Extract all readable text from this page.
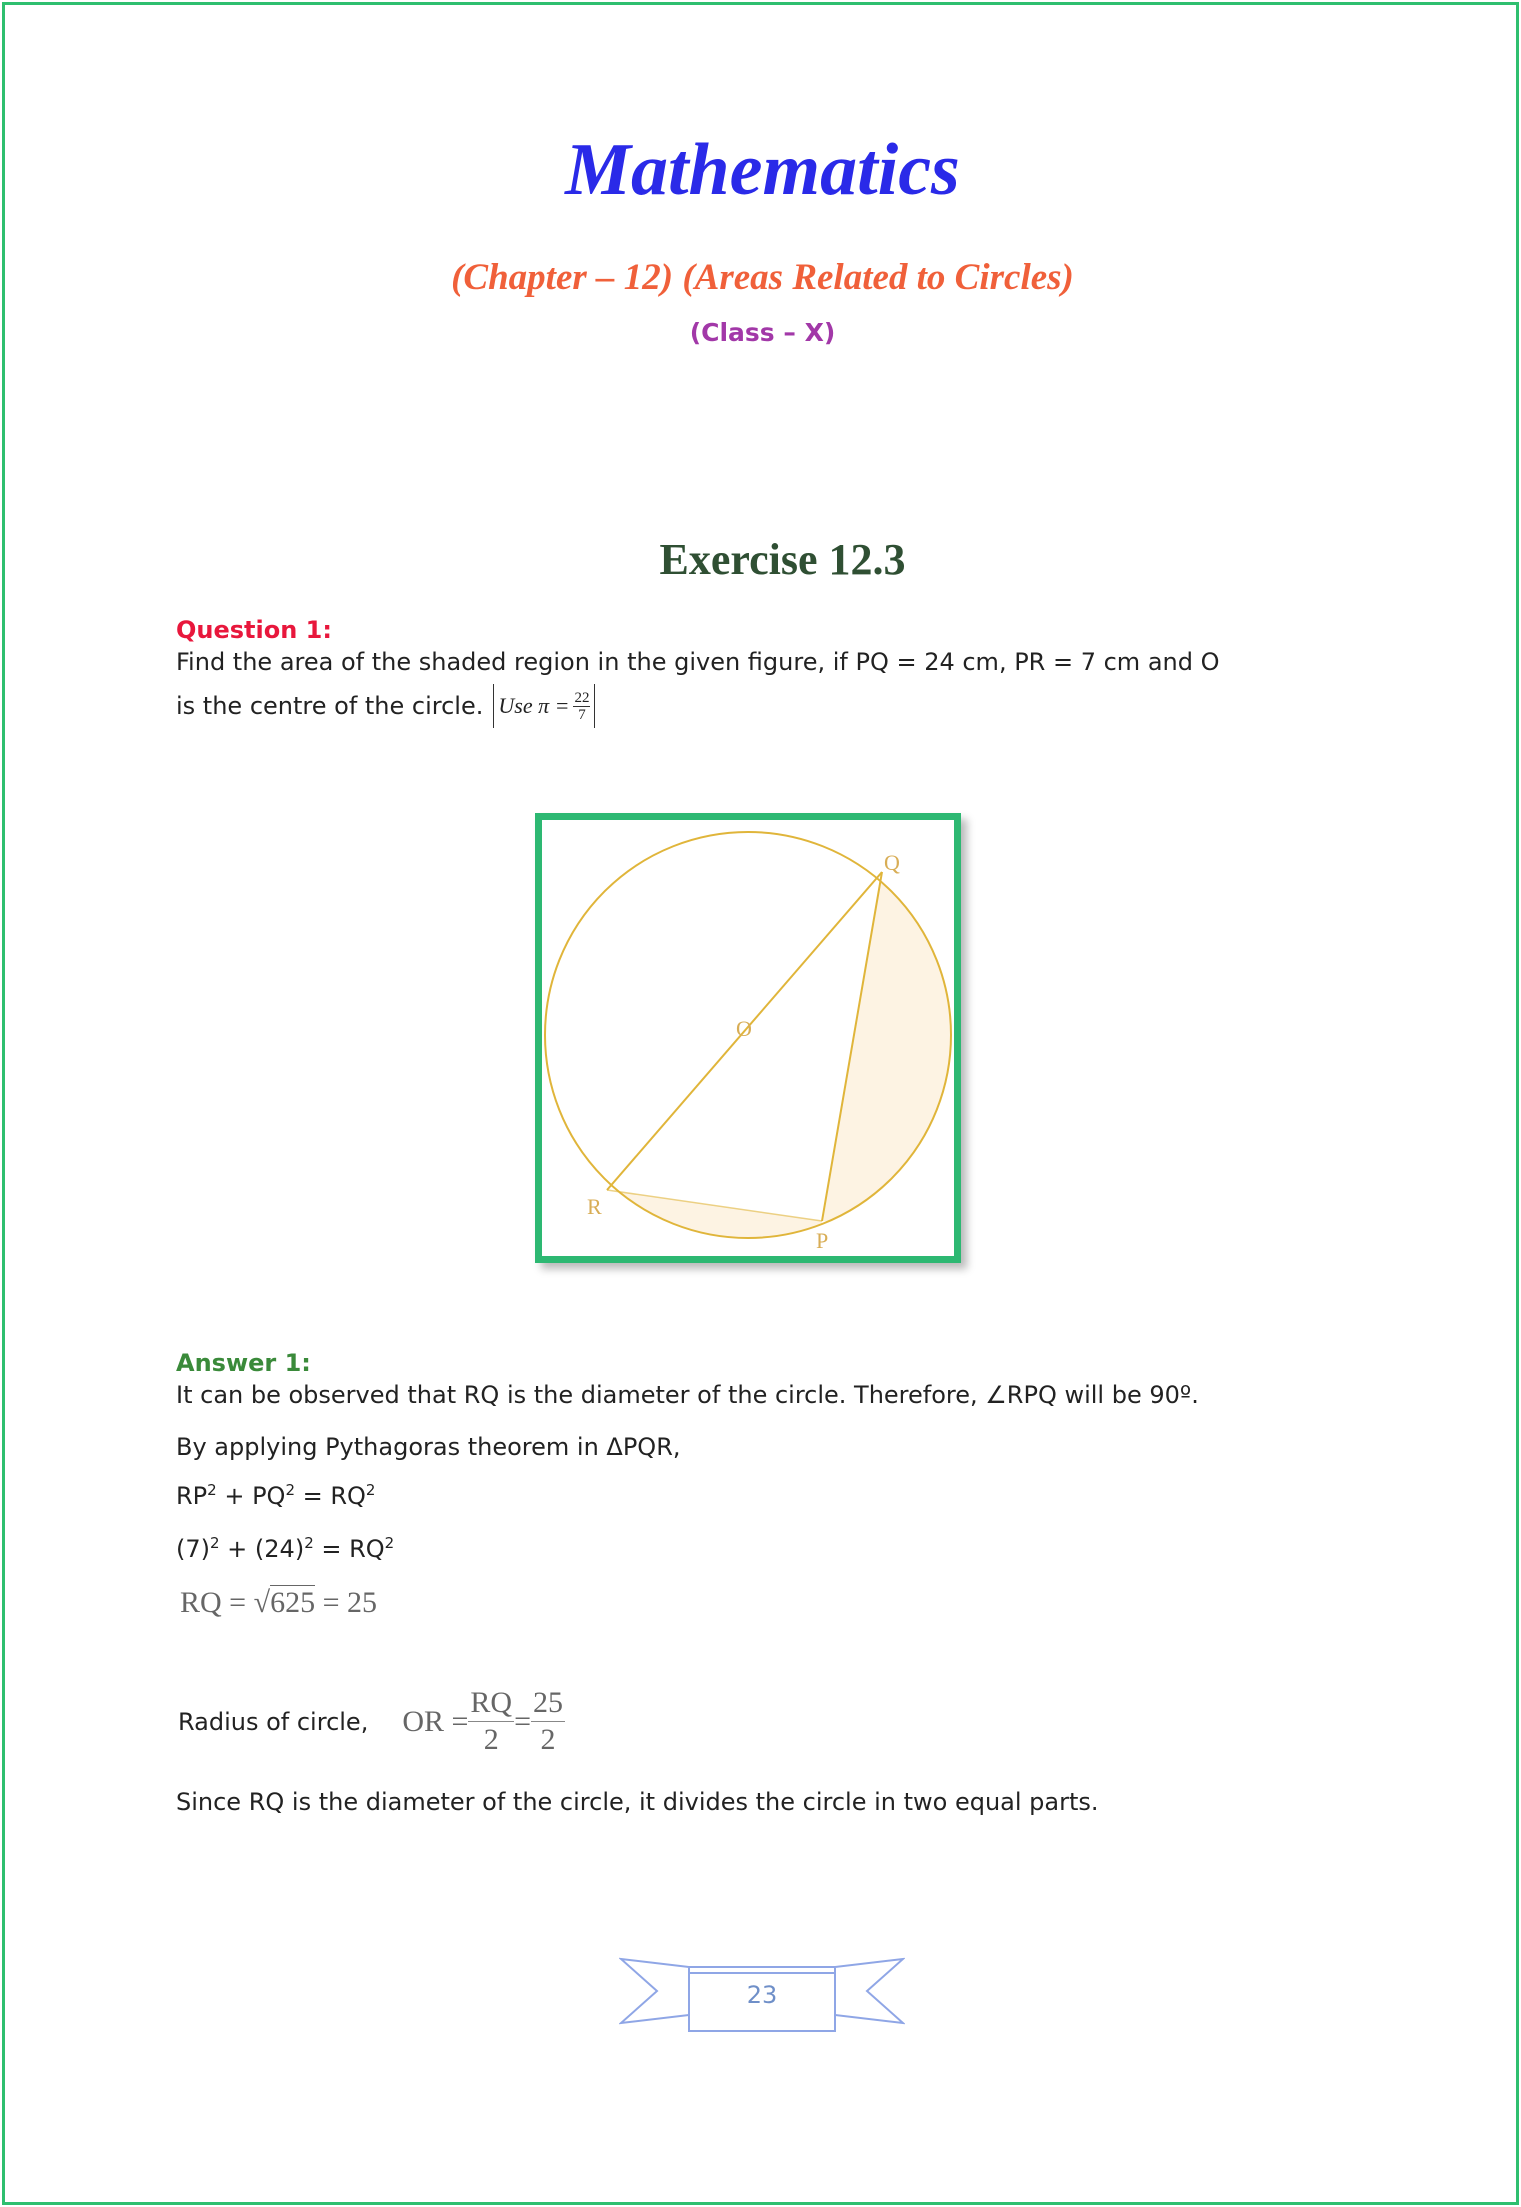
Mathematics
(Chapter – 12) (Areas Related to Circles)
(Class – X)
Exercise 12.3
Question 1:
Find the area of the shaded region in the given figure, if PQ = 24 cm, PR = 7 cm and O
is the centre of the circle. Use $\pi = \frac{22}{7}$
Q
O
R
P
Answer 1:
It can be observed that RQ is the diameter of the circle. Therefore, ∠RPQ will be 90º.
By applying Pythagoras theorem in ΔPQR,
$RP^2 + PQ^2 = RQ^2$
$(7)^2 + (24)^2 = RQ^2$
RQ = √625 = 25
Radius of circle, OR = $\frac{RQ}{2} = \frac{25}{2}$
Since RQ is the diameter of the circle, it divides the circle in two equal parts.
23
